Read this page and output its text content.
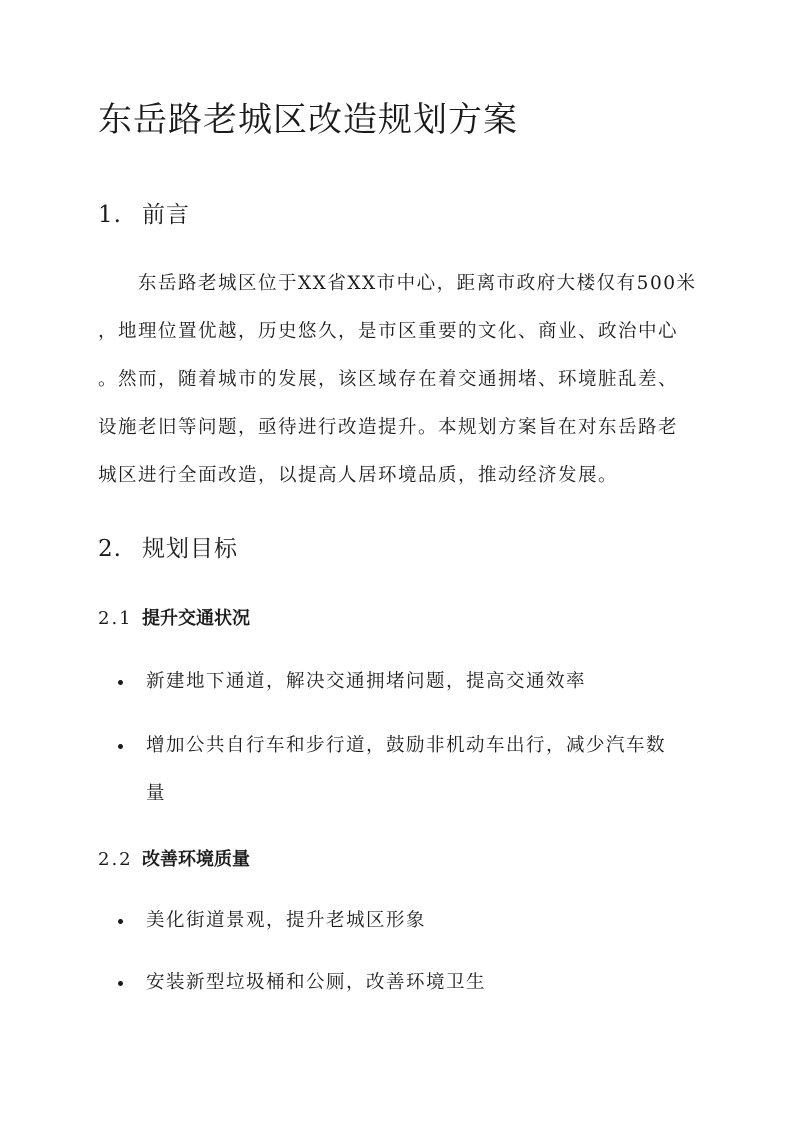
东岳路老城区改造规划方案
1. 前言
东岳路老城区位于XX省XX市中心，距离市政府大楼仅有500米
，地理位置优越，历史悠久，是市区重要的文化、商业、政治中心
。然而，随着城市的发展，该区域存在着交通拥堵、环境脏乱差、
设施老旧等问题，亟待进行改造提升。本规划方案旨在对东岳路老
城区进行全面改造，以提高人居环境品质，推动经济发展。
2. 规划目标
2.1 提升交通状况
新建地下通道，解决交通拥堵问题，提高交通效率
增加公共自行车和步行道，鼓励非机动车出行，减少汽车数
量
2.2 改善环境质量
美化街道景观，提升老城区形象
安装新型垃圾桶和公厕，改善环境卫生
